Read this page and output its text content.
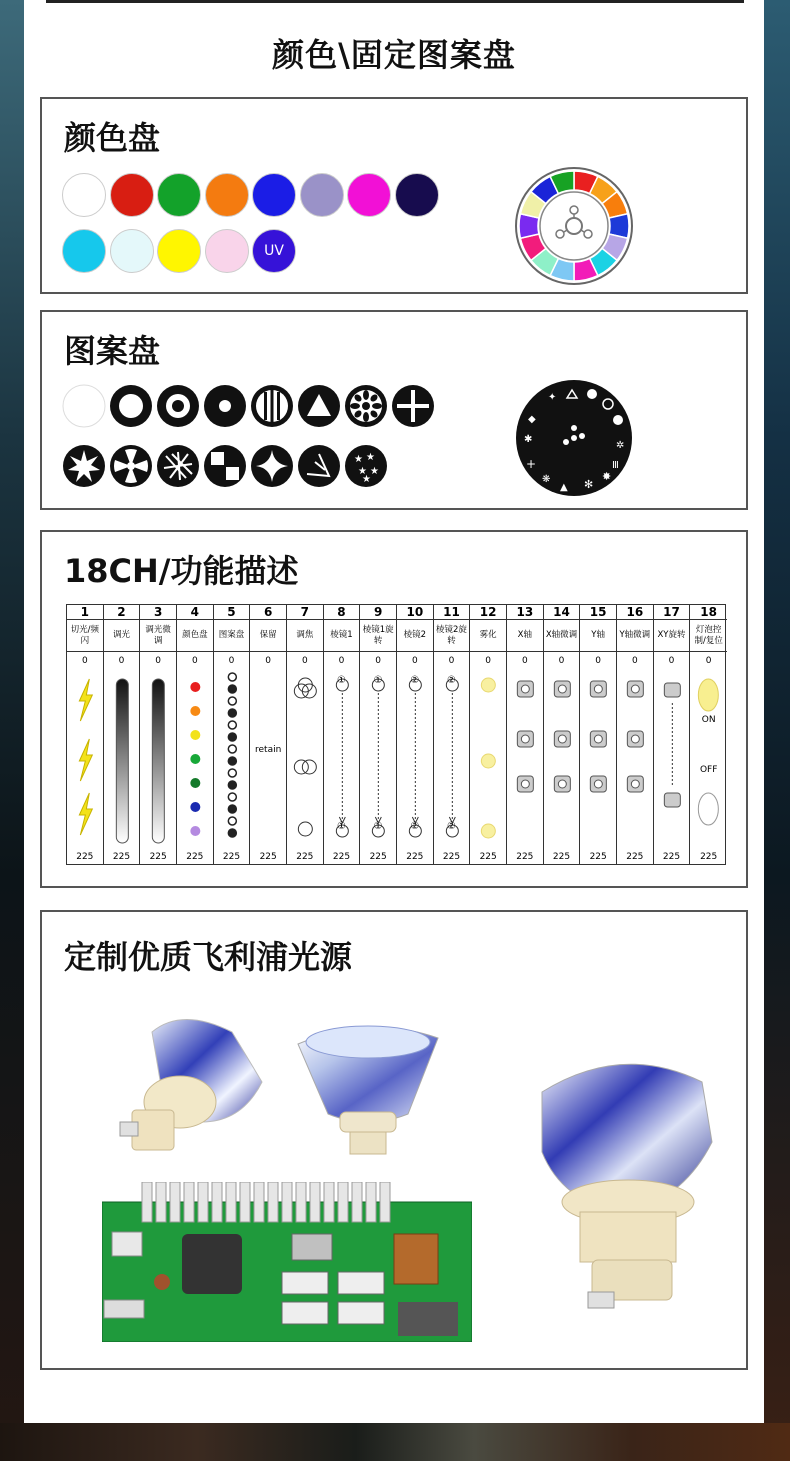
颜色\固定图案盘
颜色盘
UV
图案盘
★ ★
★ ★
★
✦
◆
✱
✲
Ⅲ
+
❋
▲ ✻
✸
18CH/功能描述
1
切光/频闪
0
225
2
调光
0
225
3
调光微调
0
225
4
颜色盘
0
225
5
图案盘
0
225
6
保留
0
retain
225
7
调焦
0
225
8
棱镜1
0
①
①
225
9
棱镜1旋转
0
①
①
225
10
棱镜2
0
②
②
225
11
棱镜2旋转
0
②
②
225
12
雾化
0
225
13
X轴
0
225
14
X轴微调
0
225
15
Y轴
0
225
16
Y轴微调
0
225
17
XY旋转
0
225
18
灯泡控制/复位
0
ON
OFF
225
定制优质飞利浦光源
